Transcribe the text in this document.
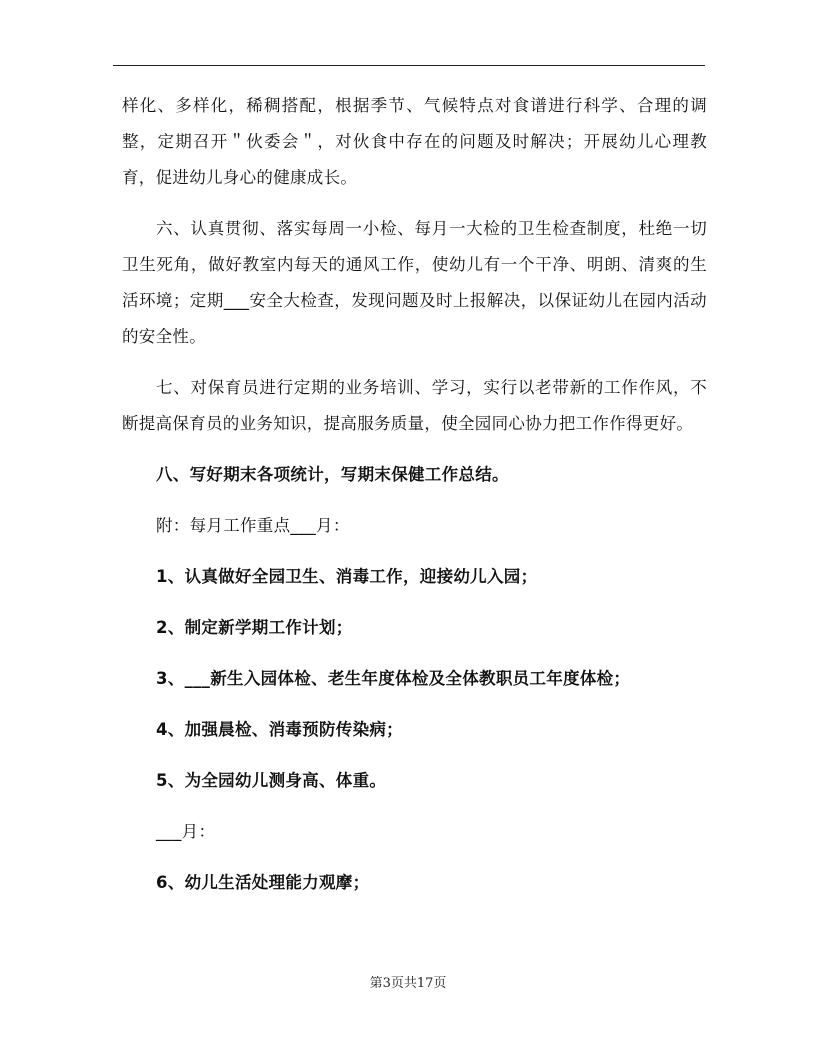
样化、多样化，稀稠搭配，根据季节、气候特点对食谱进行科学、合理的调整，定期召开＂伙委会＂，对伙食中存在的问题及时解决；开展幼儿心理教育，促进幼儿身心的健康成长。

六、认真贯彻、落实每周一小检、每月一大检的卫生检查制度，杜绝一切卫生死角，做好教室内每天的通风工作，使幼儿有一个干净、明朗、清爽的生活环境；定期___安全大检查，发现问题及时上报解决，以保证幼儿在园内活动的安全性。

七、对保育员进行定期的业务培训、学习，实行以老带新的工作作风，不断提高保育员的业务知识，提高服务质量，使全园同心协力把工作作得更好。

八、写好期末各项统计，写期末保健工作总结。

附：每月工作重点___月：

1、认真做好全园卫生、消毒工作，迎接幼儿入园；

2、制定新学期工作计划；

3、___新生入园体检、老生年度体检及全体教职员工年度体检；

4、加强晨检、消毒预防传染病；

5、为全园幼儿测身高、体重。

___月：

6、幼儿生活处理能力观摩；

第3页共17页
